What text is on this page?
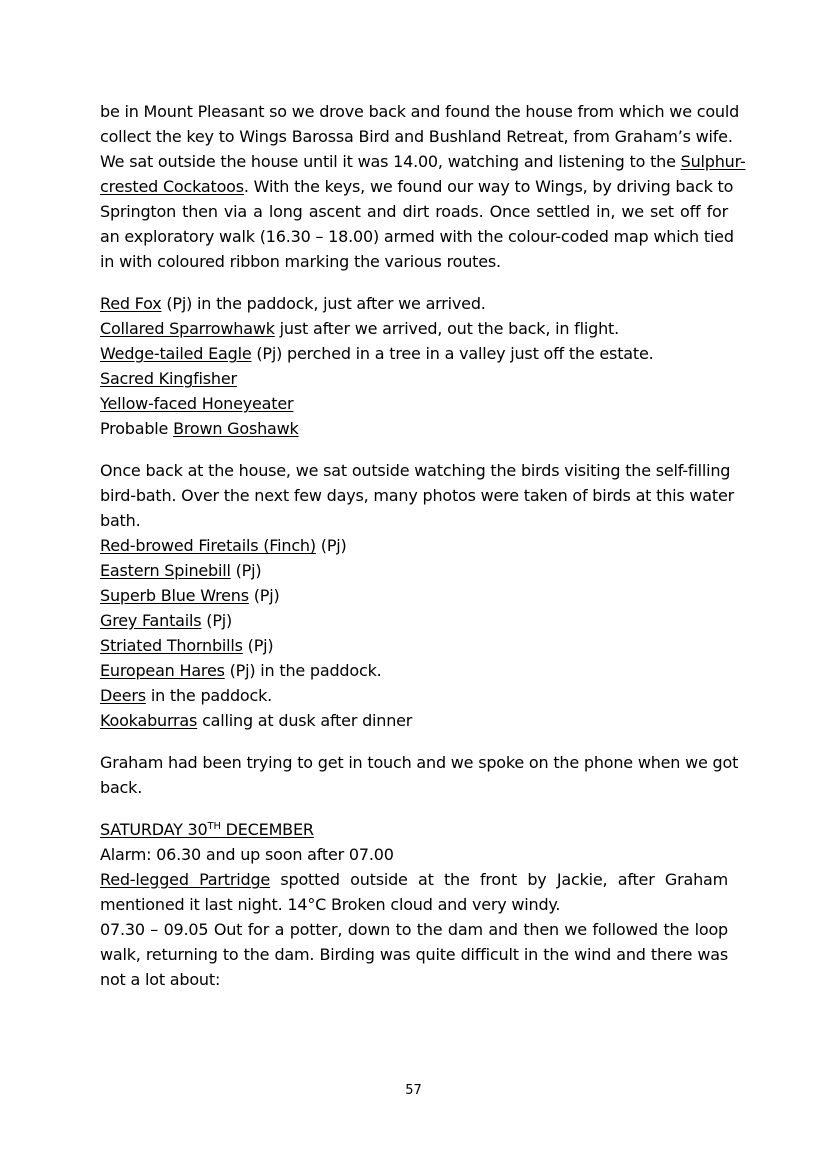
be in Mount Pleasant so we drove back and found the house from which we could
collect the key to Wings Barossa Bird and Bushland Retreat, from Graham’s wife.
We sat outside the house until it was 14.00, watching and listening to the Sulphur-
crested Cockatoos. With the keys, we found our way to Wings, by driving back to
Springton then via a long ascent and dirt roads. Once settled in, we set off for
an exploratory walk (16.30 – 18.00) armed with the colour-coded map which tied
in with coloured ribbon marking the various routes.
Red Fox (Pj) in the paddock, just after we arrived.
Collared Sparrowhawk just after we arrived, out the back, in flight.
Wedge-tailed Eagle (Pj) perched in a tree in a valley just off the estate.
Sacred Kingfisher
Yellow-faced Honeyeater
Probable Brown Goshawk
Once back at the house, we sat outside watching the birds visiting the self-filling
bird-bath. Over the next few days, many photos were taken of birds at this water
bath.
Red-browed Firetails (Finch) (Pj)
Eastern Spinebill (Pj)
Superb Blue Wrens (Pj)
Grey Fantails (Pj)
Striated Thornbills (Pj)
European Hares (Pj) in the paddock.
Deers in the paddock.
Kookaburras calling at dusk after dinner
Graham had been trying to get in touch and we spoke on the phone when we got
back.
SATURDAY 30TH DECEMBER
Alarm: 06.30 and up soon after 07.00
Red-legged Partridge spotted outside at the front by Jackie, after Graham
mentioned it last night. 14°C Broken cloud and very windy.
07.30 – 09.05 Out for a potter, down to the dam and then we followed the loop
walk, returning to the dam. Birding was quite difficult in the wind and there was
not a lot about:
57
